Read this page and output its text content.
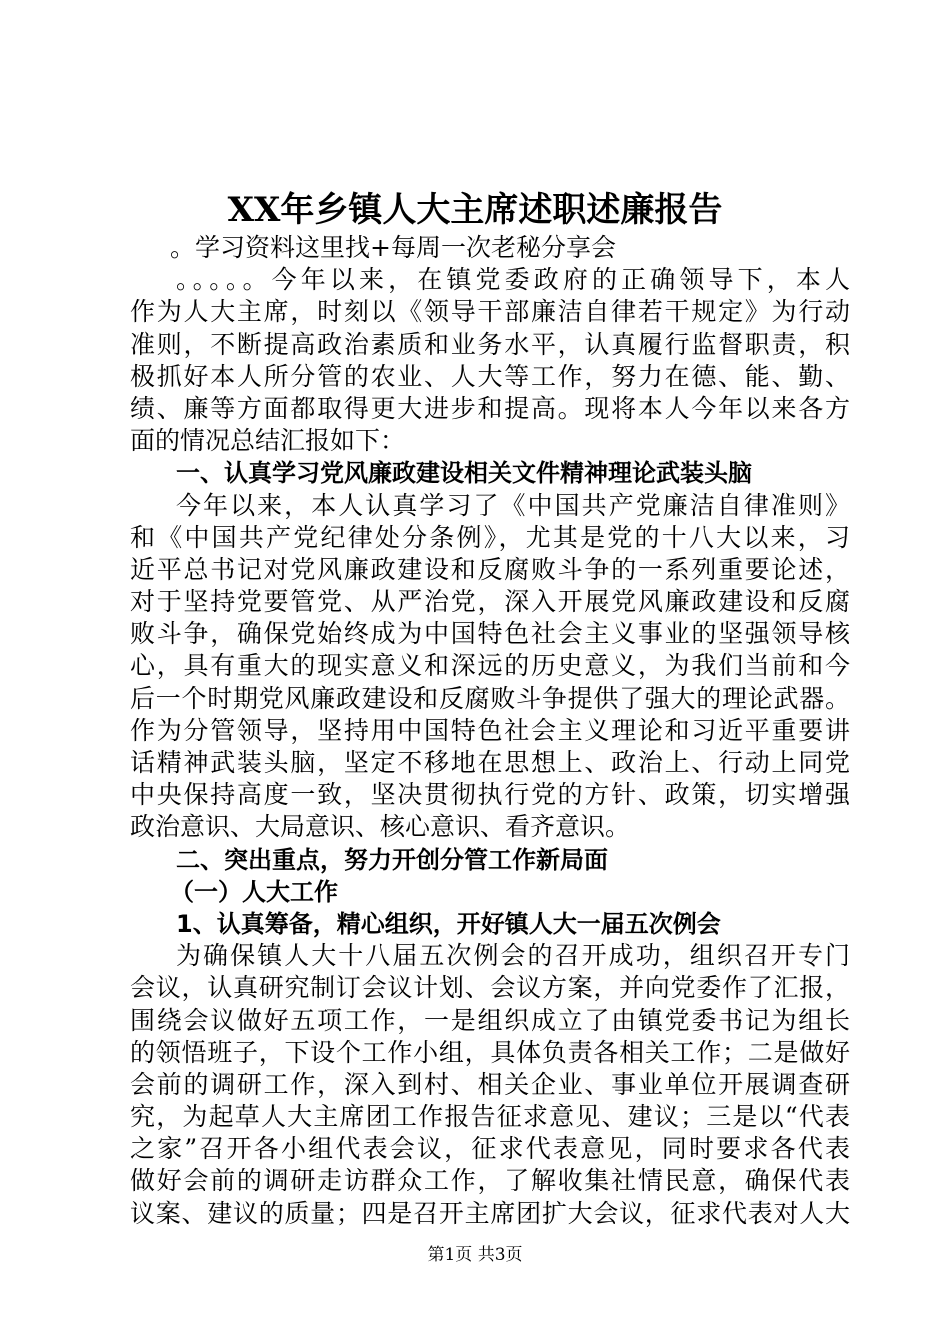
XX年乡镇人大主席述职述廉报告
。学习资料这里找+每周一次老秘分享会
。。。。。今年以来，在镇党委政府的正确领导下，本人
作为人大主席，时刻以《领导干部廉洁自律若干规定》为行动
准则，不断提高政治素质和业务水平，认真履行监督职责，积
极抓好本人所分管的农业、人大等工作，努力在德、能、勤、
绩、廉等方面都取得更大进步和提高。现将本人今年以来各方
面的情况总结汇报如下：
一、认真学习党风廉政建设相关文件精神理论武装头脑
今年以来，本人认真学习了《中国共产党廉洁自律准则》
和《中国共产党纪律处分条例》，尤其是党的十八大以来，习
近平总书记对党风廉政建设和反腐败斗争的一系列重要论述，
对于坚持党要管党、从严治党，深入开展党风廉政建设和反腐
败斗争，确保党始终成为中国特色社会主义事业的坚强领导核
心，具有重大的现实意义和深远的历史意义，为我们当前和今
后一个时期党风廉政建设和反腐败斗争提供了强大的理论武器。
作为分管领导，坚持用中国特色社会主义理论和习近平重要讲
话精神武装头脑，坚定不移地在思想上、政治上、行动上同党
中央保持高度一致，坚决贯彻执行党的方针、政策，切实增强
政治意识、大局意识、核心意识、看齐意识。
二、突出重点，努力开创分管工作新局面
（一）人大工作
1、认真筹备，精心组织，开好镇人大一届五次例会
为确保镇人大十八届五次例会的召开成功，组织召开专门
会议，认真研究制订会议计划、会议方案，并向党委作了汇报，
围绕会议做好五项工作，一是组织成立了由镇党委书记为组长
的领悟班子，下设个工作小组，具体负责各相关工作；二是做好
会前的调研工作，深入到村、相关企业、事业单位开展调查研
究，为起草人大主席团工作报告征求意见、建议；三是以“代表
之家”召开各小组代表会议，征求代表意见，同时要求各代表
做好会前的调研走访群众工作，了解收集社情民意，确保代表
议案、建议的质量；四是召开主席团扩大会议，征求代表对人大
第1页 共3页
